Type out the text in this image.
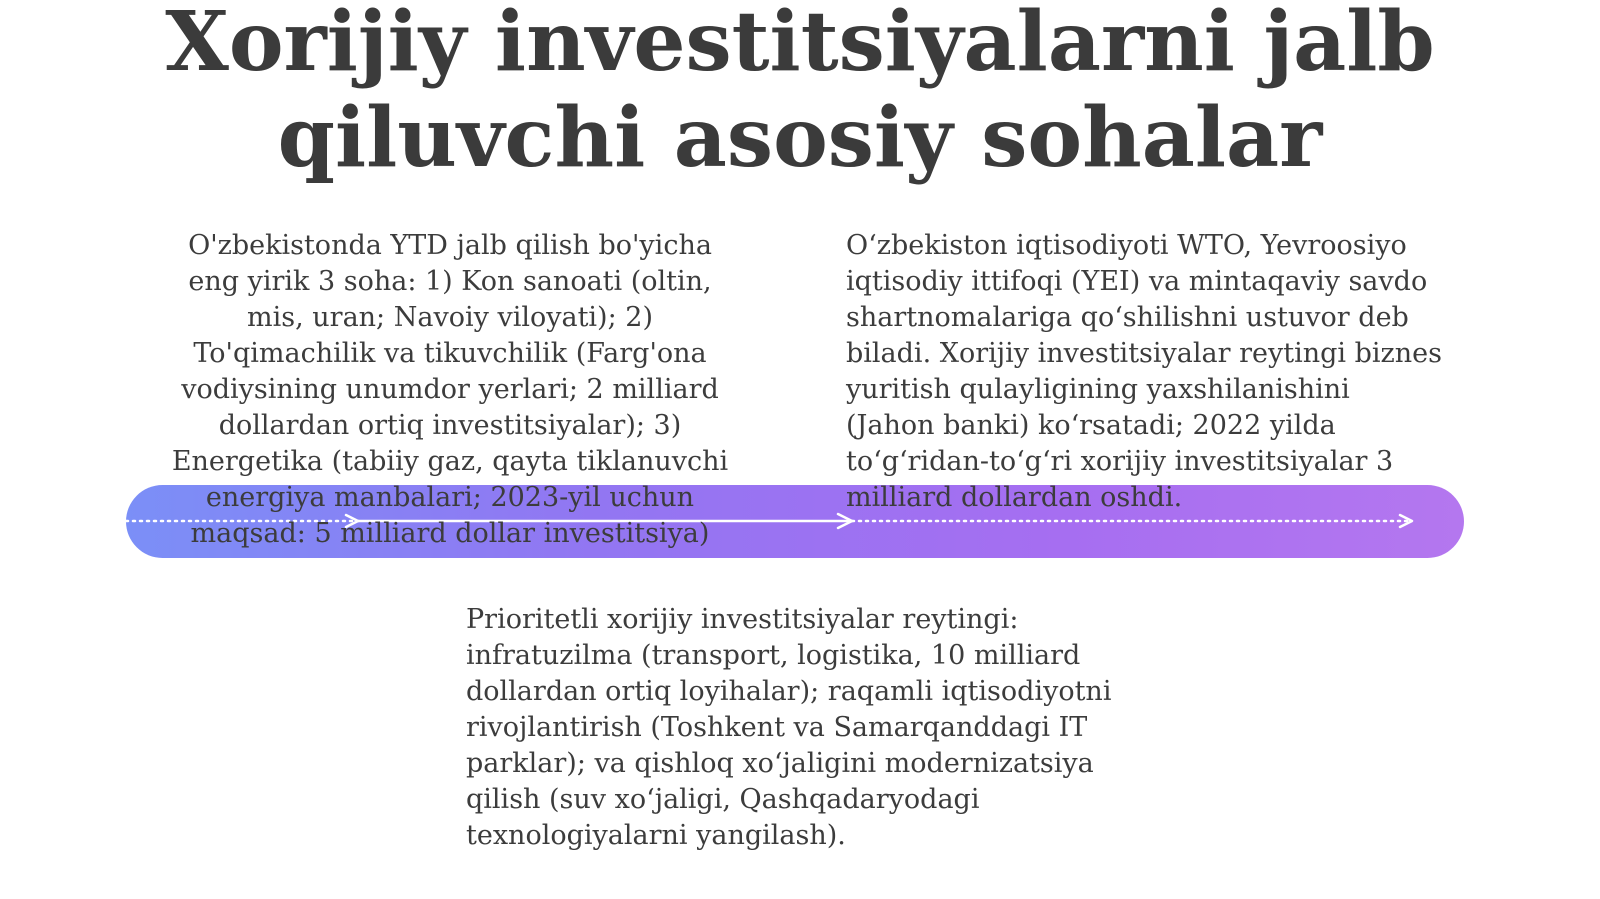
Xorijiy investitsiyalarni jalb
qiluvchi asosiy sohalar

O'zbekistonda YTD jalb qilish bo'yicha
eng yirik 3 soha: 1) Kon sanoati (oltin,
mis, uran; Navoiy viloyati); 2)
To'qimachilik va tikuvchilik (Farg'ona
vodiysining unumdor yerlari; 2 milliard
dollardan ortiq investitsiyalar); 3)
Energetika (tabiiy gaz, qayta tiklanuvchi
energiya manbalari; 2023-yil uchun
maqsad: 5 milliard dollar investitsiya)

O‘zbekiston iqtisodiyoti WTO, Yevroosiyo
iqtisodiy ittifoqi (YEI) va mintaqaviy savdo
shartnomalariga qo‘shilishni ustuvor deb
biladi. Xorijiy investitsiyalar reytingi biznes
yuritish qulayligining yaxshilanishini
(Jahon banki) ko‘rsatadi; 2022 yilda
to‘g‘ridan-to‘g‘ri xorijiy investitsiyalar 3
milliard dollardan oshdi.

Prioritetli xorijiy investitsiyalar reytingi:
infratuzilma (transport, logistika, 10 milliard
dollardan ortiq loyihalar); raqamli iqtisodiyotni
rivojlantirish (Toshkent va Samarqanddagi IT
parklar); va qishloq xo‘jaligini modernizatsiya
qilish (suv xo‘jaligi, Qashqadaryodagi
texnologiyalarni yangilash).
